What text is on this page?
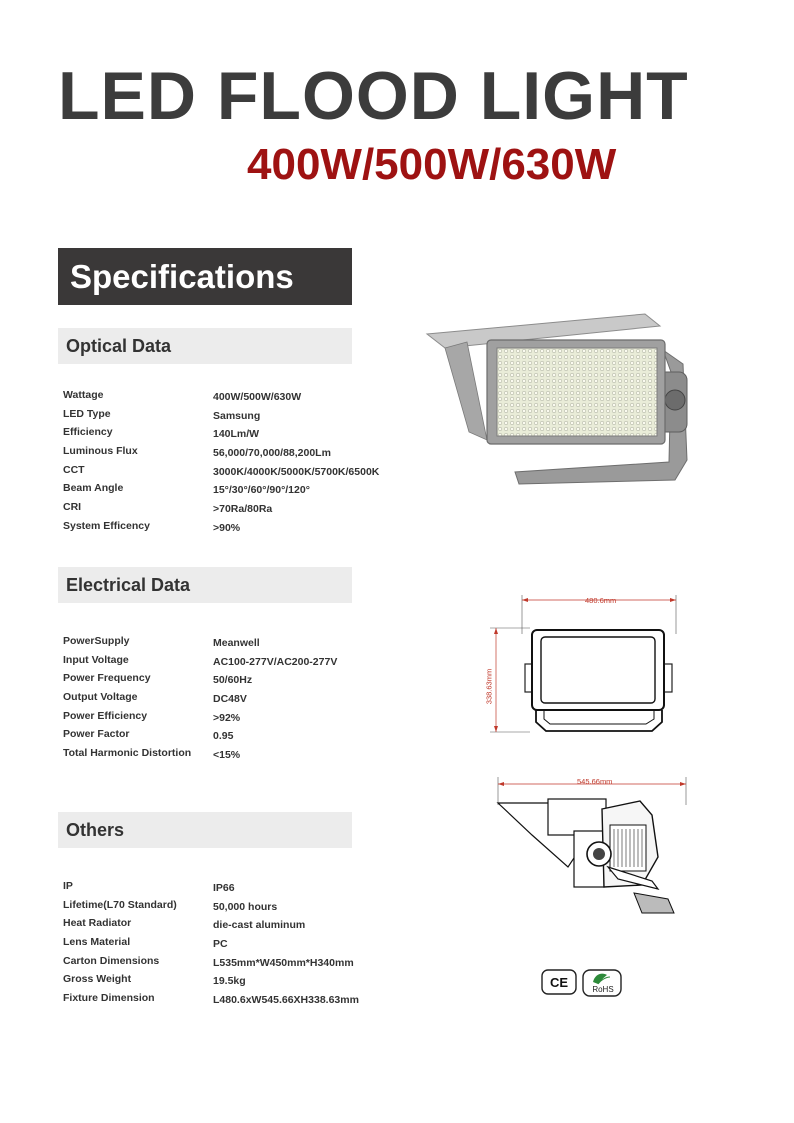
LED FLOOD LIGHT
400W/500W/630W
Specifications
Optical Data
Wattage	400W/500W/630W
LED Type	Samsung
Efficiency	140Lm/W
Luminous Flux	56,000/70,000/88,200Lm
CCT	3000K/4000K/5000K/5700K/6500K
Beam Angle	15°/30°/60°/90°/120°
CRI	>70Ra/80Ra
System Efficency	>90%
Electrical Data
PowerSupply	Meanwell
Input Voltage	AC100-277V/AC200-277V
Power Frequency	50/60Hz
Output Voltage	DC48V
Power Efficiency	>92%
Power Factor	0.95
Total Harmonic Distortion <15%
Others
IP	IP66
Lifetime(L70 Standard)	50,000 hours
Heat Radiator	die-cast aluminum
Lens Material	PC
Carton Dimensions	L535mm*W450mm*H340mm
Gross Weight	19.5kg
Fixture Dimension	L480.6xW545.66XH338.63mm
480.6mm
338.63mm
545.66mm
CE	RoHS
